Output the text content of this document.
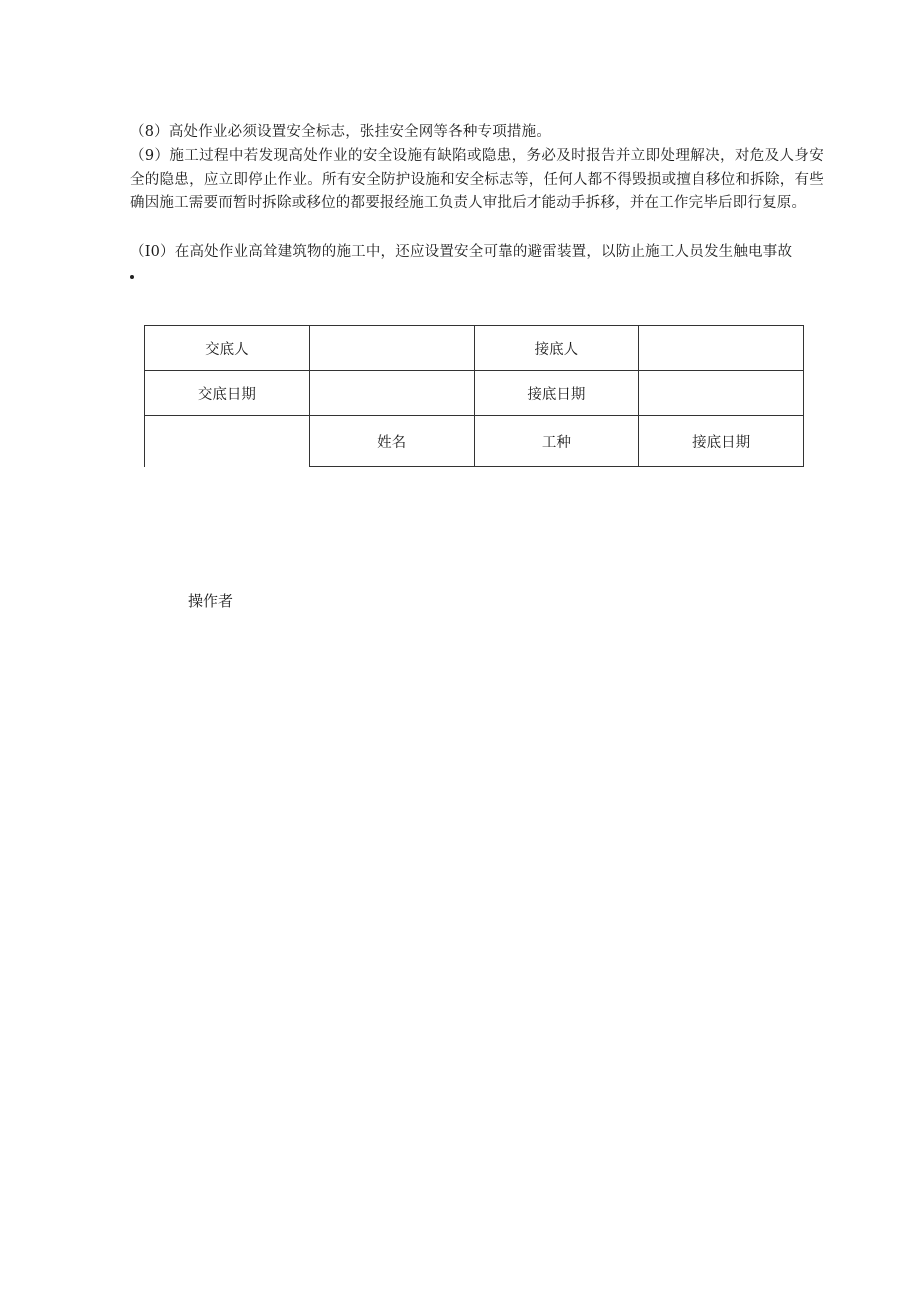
（8）高处作业必须设置安全标志，张挂安全网等各种专项措施。
（9）施工过程中若发现高处作业的安全设施有缺陷或隐患，务必及时报告并立即处理解决，对危及人身安全的隐患，应立即停止作业。所有安全防护设施和安全标志等，任何人都不得毁损或擅自移位和拆除，有些确因施工需要而暂时拆除或移位的都要报经施工负责人审批后才能动手拆移，并在工作完毕后即行复原。
（I0）在高处作业高耸建筑物的施工中，还应设置安全可靠的避雷装置，以防止施工人员发生触电事故
交底人		接底人	
交底日期		接底日期	
	姓名	工种	接底日期
操作者
